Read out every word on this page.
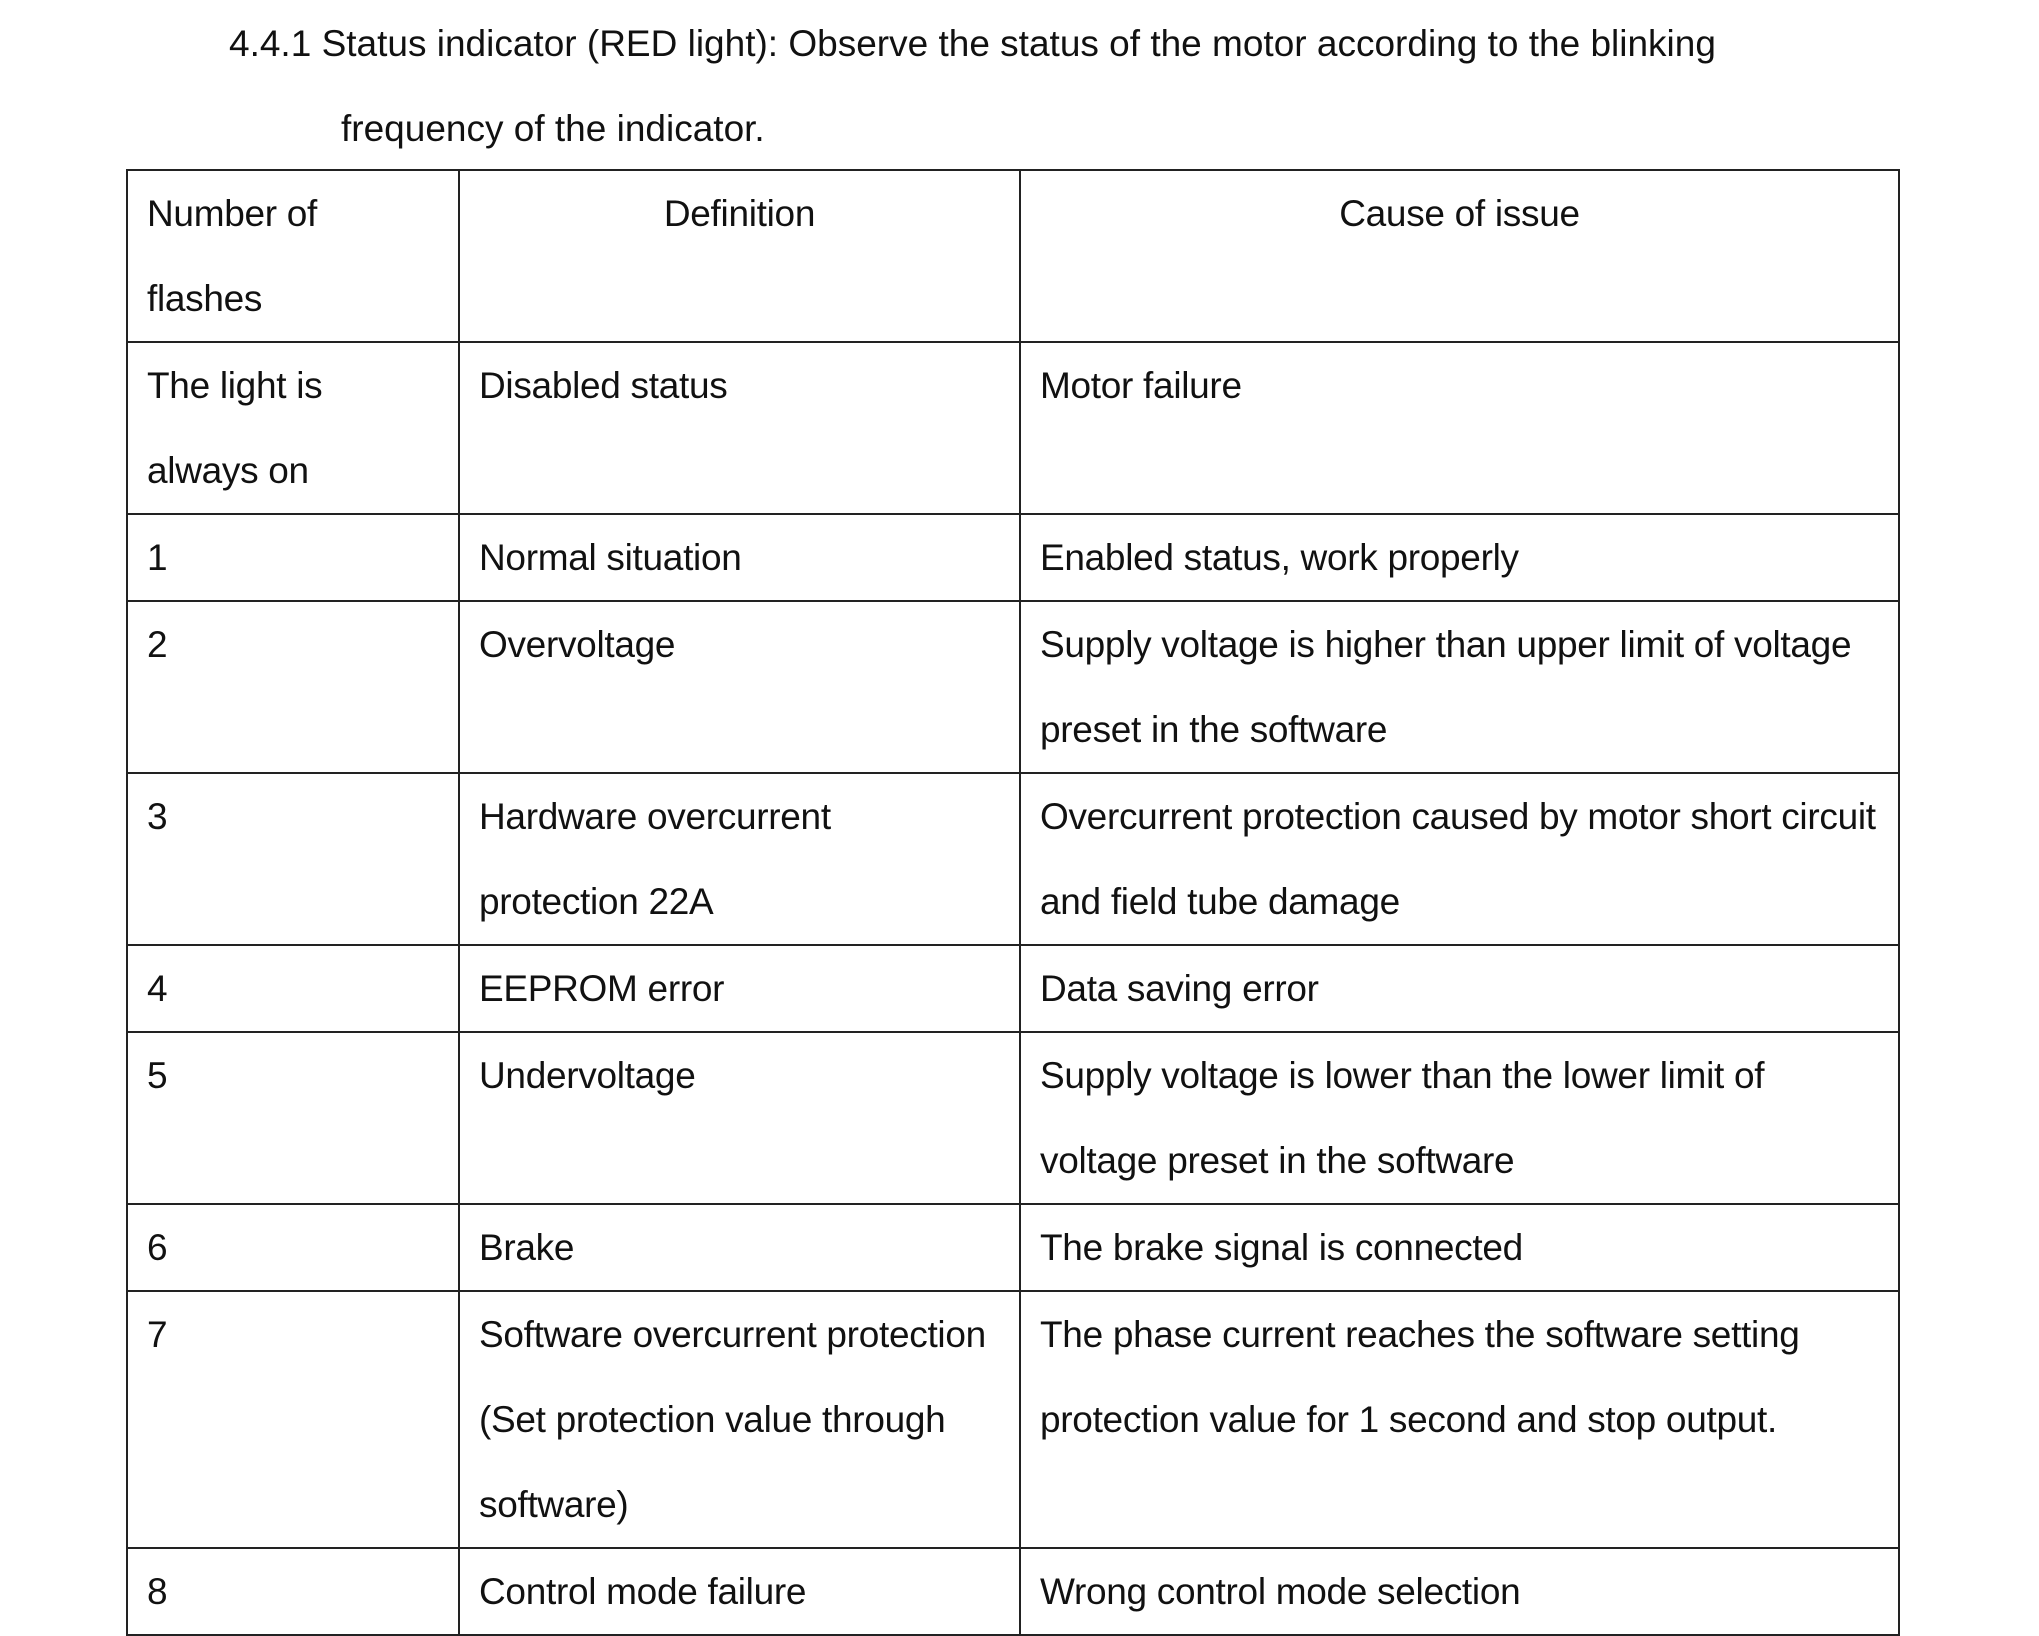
4.4.1 Status indicator (RED light): Observe the status of the motor according to the blinking
frequency of the indicator.
Number of flashes	Definition	Cause of issue
The light is always on	Disabled status	Motor failure
1	Normal situation	Enabled status, work properly
2	Overvoltage	Supply voltage is higher than upper limit of voltage preset in the software
3	Hardware overcurrent protection 22A	Overcurrent protection caused by motor short circuit and field tube damage
4	EEPROM error	Data saving error
5	Undervoltage	Supply voltage is lower than the lower limit of voltage preset in the software
6	Brake	The brake signal is connected
7	Software overcurrent protection (Set protection value through software)	The phase current reaches the software setting protection value for 1 second and stop output.
8	Control mode failure	Wrong control mode selection
